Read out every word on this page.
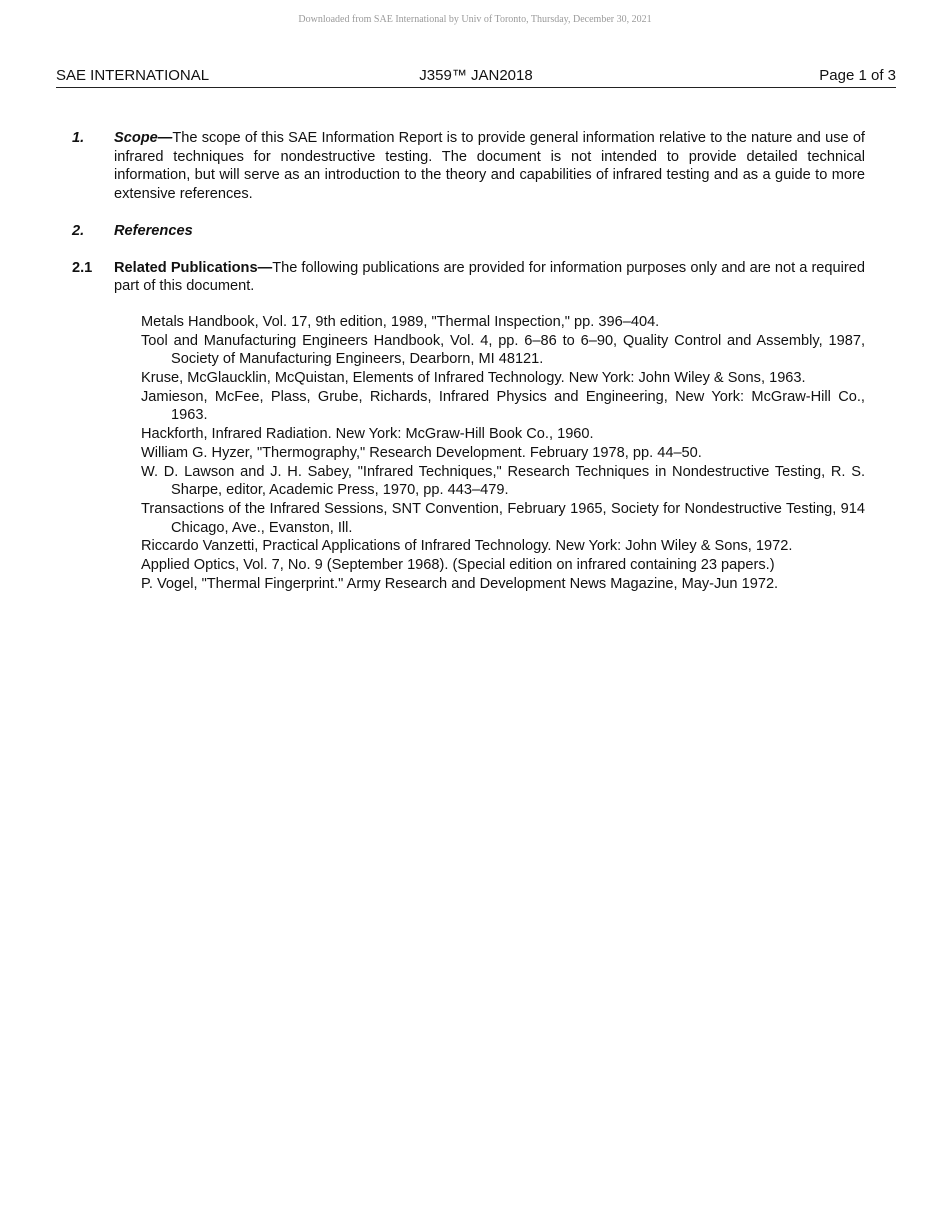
Downloaded from SAE International by Univ of Toronto, Thursday, December 30, 2021
SAE INTERNATIONAL	J359™ JAN2018	Page 1 of 3
1.	Scope—The scope of this SAE Information Report is to provide general information relative to the nature and use of infrared techniques for nondestructive testing. The document is not intended to provide detailed technical information, but will serve as an introduction to the theory and capabilities of infrared testing and as a guide to more extensive references.
2.	References
2.1	Related Publications—The following publications are provided for information purposes only and are not a required part of this document.
Metals Handbook, Vol. 17, 9th edition, 1989, "Thermal Inspection," pp. 396–404.
Tool and Manufacturing Engineers Handbook, Vol. 4, pp. 6–86 to 6–90, Quality Control and Assembly, 1987, Society of Manufacturing Engineers, Dearborn, MI 48121.
Kruse, McGlaucklin, McQuistan, Elements of Infrared Technology. New York: John Wiley & Sons, 1963.
Jamieson, McFee, Plass, Grube, Richards, Infrared Physics and Engineering, New York: McGraw-Hill Co., 1963.
Hackforth, Infrared Radiation. New York: McGraw-Hill Book Co., 1960.
William G. Hyzer, "Thermography," Research Development. February 1978, pp. 44–50.
W. D. Lawson and J. H. Sabey, "Infrared Techniques," Research Techniques in Nondestructive Testing, R. S. Sharpe, editor, Academic Press, 1970, pp. 443–479.
Transactions of the Infrared Sessions, SNT Convention, February 1965, Society for Nondestructive Testing, 914 Chicago, Ave., Evanston, Ill.
Riccardo Vanzetti, Practical Applications of Infrared Technology. New York: John Wiley & Sons, 1972.
Applied Optics, Vol. 7, No. 9 (September 1968). (Special edition on infrared containing 23 papers.)
P. Vogel, "Thermal Fingerprint." Army Research and Development News Magazine, May-Jun 1972.
